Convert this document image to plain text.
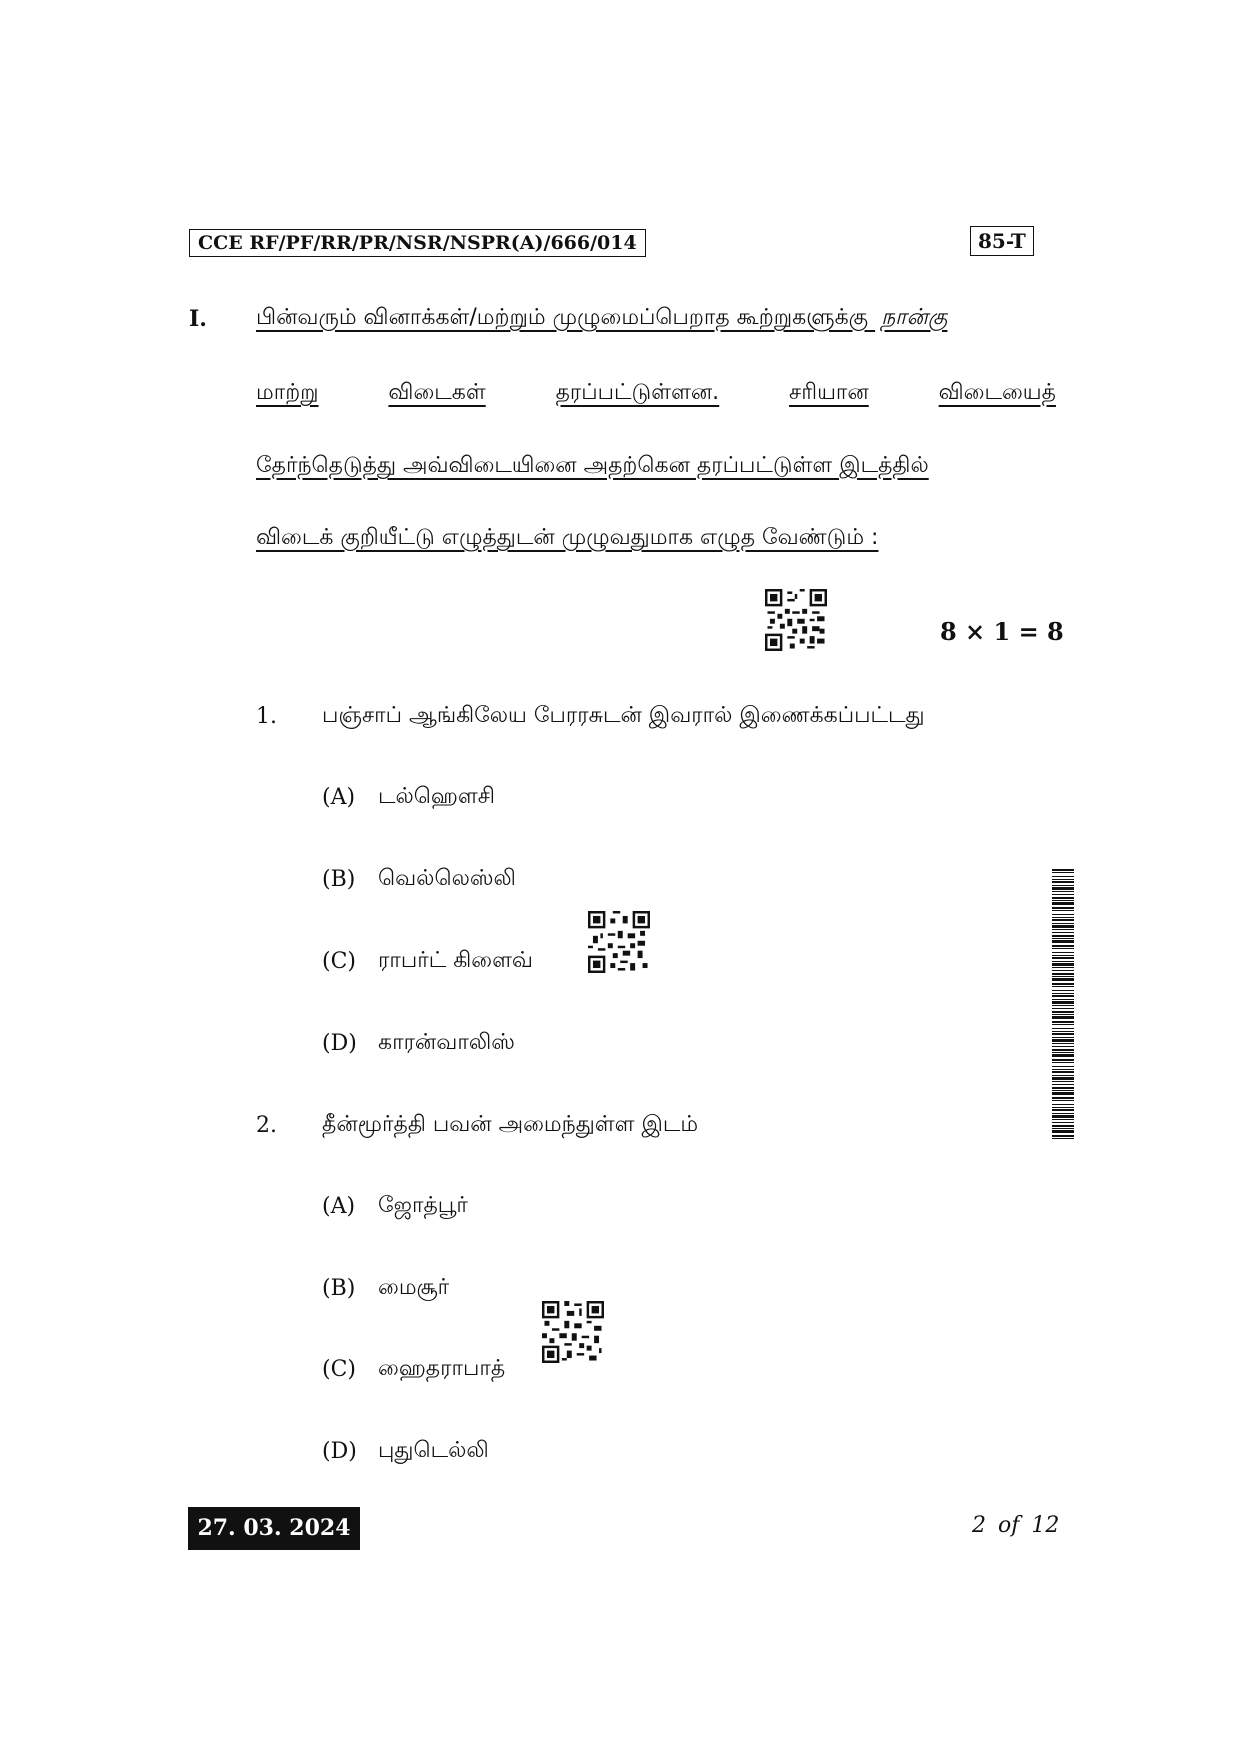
CCE RF/PF/RR/PR/NSR/NSPR(A)/666/014	85-T
I. பின்வரும் வினாக்கள்/மற்றும் முழுமைப்பெறாத கூற்றுகளுக்கு நான்கு
மாற்று	விடைகள்	தரப்பட்டுள்ளன.	சரியான	விடையைத்
தேர்ந்தெடுத்து அவ்விடையினை அதற்கென தரப்பட்டுள்ள இடத்தில்
விடைக் குறியீட்டு எழுத்துடன் முழுவதுமாக எழுத வேண்டும் :
8 × 1 = 8
1. பஞ்சாப் ஆங்கிலேய பேரரசுடன் இவரால் இணைக்கப்பட்டது
(A) டல்ஹௌசி
(B) வெல்லெஸ்லி
(C) ராபர்ட் கிளைவ்
(D) காரன்வாலிஸ்
2. தீன்மூர்த்தி பவன் அமைந்துள்ள இடம்
(A) ஜோத்பூர்
(B) மைசூர்
(C) ஹைதராபாத்
(D) புதுடெல்லி
27. 03. 2024	2 of 12
